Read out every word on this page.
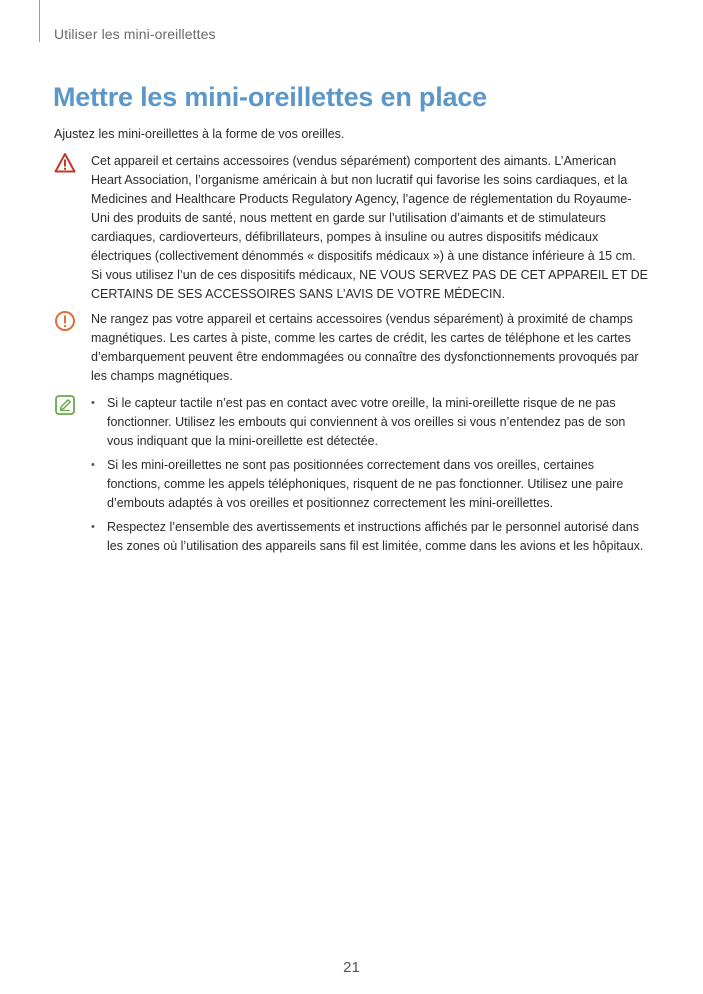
Utiliser les mini-oreillettes
Mettre les mini-oreillettes en place
Ajustez les mini-oreillettes à la forme de vos oreilles.
Cet appareil et certains accessoires (vendus séparément) comportent des aimants. L’American Heart Association, l’organisme américain à but non lucratif qui favorise les soins cardiaques, et la Medicines and Healthcare Products Regulatory Agency, l’agence de réglementation du Royaume-Uni des produits de santé, nous mettent en garde sur l’utilisation d’aimants et de stimulateurs cardiaques, cardioverteurs, défibrillateurs, pompes à insuline ou autres dispositifs médicaux électriques (collectivement dénommés « dispositifs médicaux ») à une distance inférieure à 15 cm. Si vous utilisez l’un de ces dispositifs médicaux, NE VOUS SERVEZ PAS DE CET APPAREIL ET DE CERTAINS DE SES ACCESSOIRES SANS L’AVIS DE VOTRE MÉDECIN.
Ne rangez pas votre appareil et certains accessoires (vendus séparément) à proximité de champs magnétiques. Les cartes à piste, comme les cartes de crédit, les cartes de téléphone et les cartes d’embarquement peuvent être endommagées ou connaître des dysfonctionnements provoqués par les champs magnétiques.
• Si le capteur tactile n’est pas en contact avec votre oreille, la mini-oreillette risque de ne pas fonctionner. Utilisez les embouts qui conviennent à vos oreilles si vous n’entendez pas de son vous indiquant que la mini-oreillette est détectée.
• Si les mini-oreillettes ne sont pas positionnées correctement dans vos oreilles, certaines fonctions, comme les appels téléphoniques, risquent de ne pas fonctionner. Utilisez une paire d’embouts adaptés à vos oreilles et positionnez correctement les mini-oreillettes.
• Respectez l’ensemble des avertissements et instructions affichés par le personnel autorisé dans les zones où l’utilisation des appareils sans fil est limitée, comme dans les avions et les hôpitaux.
21
